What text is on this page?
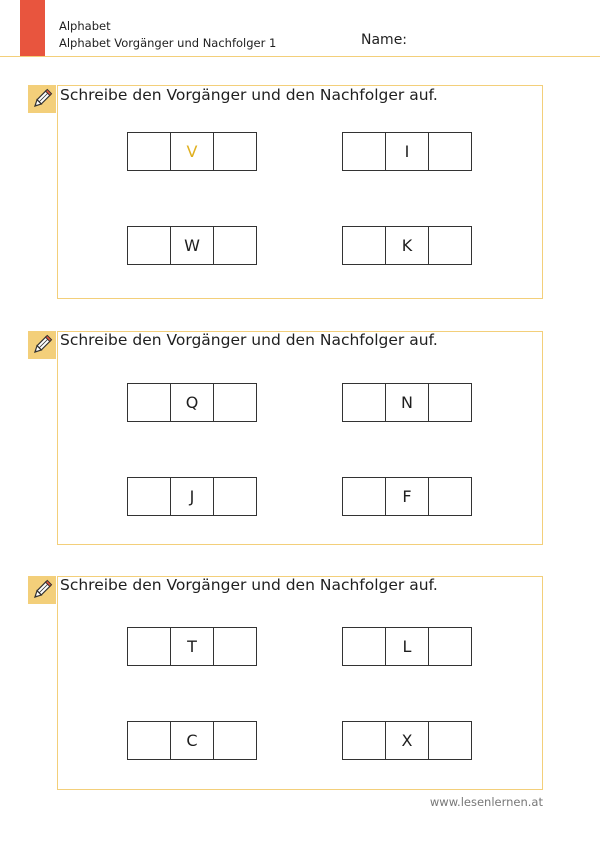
Alphabet
Alphabet Vorgänger und Nachfolger 1	Name:
Schreibe den Vorgänger und den Nachfolger auf.
V	I
W	K
Schreibe den Vorgänger und den Nachfolger auf.
Q	N
J	F
Schreibe den Vorgänger und den Nachfolger auf.
T	L
C	X
www.lesenlernen.at
